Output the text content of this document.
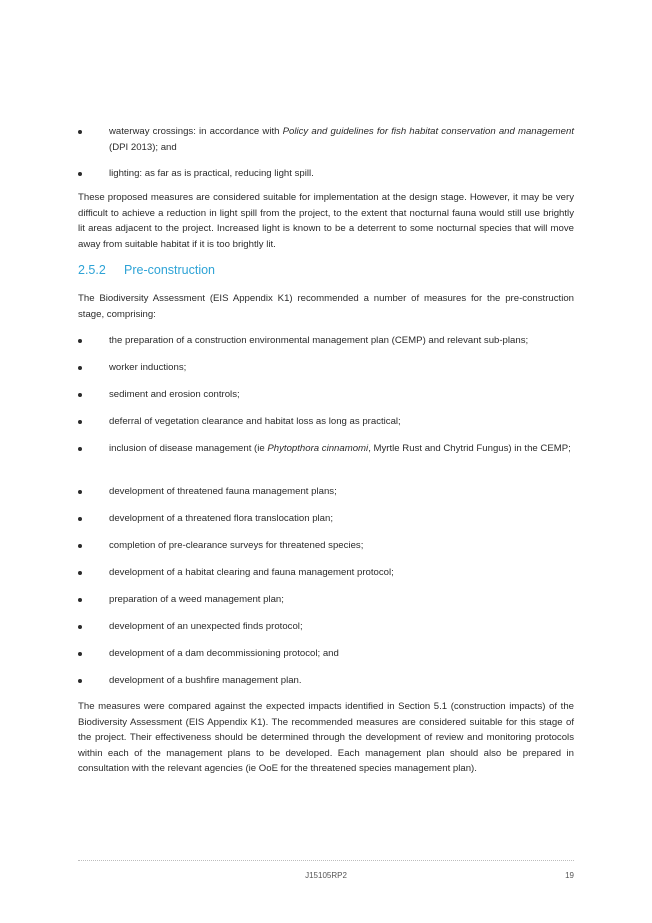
waterway crossings: in accordance with Policy and guidelines for fish habitat conservation and management (DPI 2013); and
lighting: as far as is practical, reducing light spill.
These proposed measures are considered suitable for implementation at the design stage. However, it may be very difficult to achieve a reduction in light spill from the project, to the extent that nocturnal fauna would still use brightly lit areas adjacent to the project. Increased light is known to be a deterrent to some nocturnal species that will move away from suitable habitat if it is too brightly lit.
2.5.2 Pre-construction
The Biodiversity Assessment (EIS Appendix K1) recommended a number of measures for the pre-construction stage, comprising:
the preparation of a construction environmental management plan (CEMP) and relevant sub-plans;
worker inductions;
sediment and erosion controls;
deferral of vegetation clearance and habitat loss as long as practical;
inclusion of disease management (ie Phytopthora cinnamomi, Myrtle Rust and Chytrid Fungus) in the CEMP;
development of threatened fauna management plans;
development of a threatened flora translocation plan;
completion of pre-clearance surveys for threatened species;
development of a habitat clearing and fauna management protocol;
preparation of a weed management plan;
development of an unexpected finds protocol;
development of a dam decommissioning protocol; and
development of a bushfire management plan.
The measures were compared against the expected impacts identified in Section 5.1 (construction impacts) of the Biodiversity Assessment (EIS Appendix K1). The recommended measures are considered suitable for this stage of the project. Their effectiveness should be determined through the development of review and monitoring protocols within each of the management plans to be developed. Each management plan should also be prepared in consultation with the relevant agencies (ie OoE for the threatened species management plan).
J15105RP2	19
